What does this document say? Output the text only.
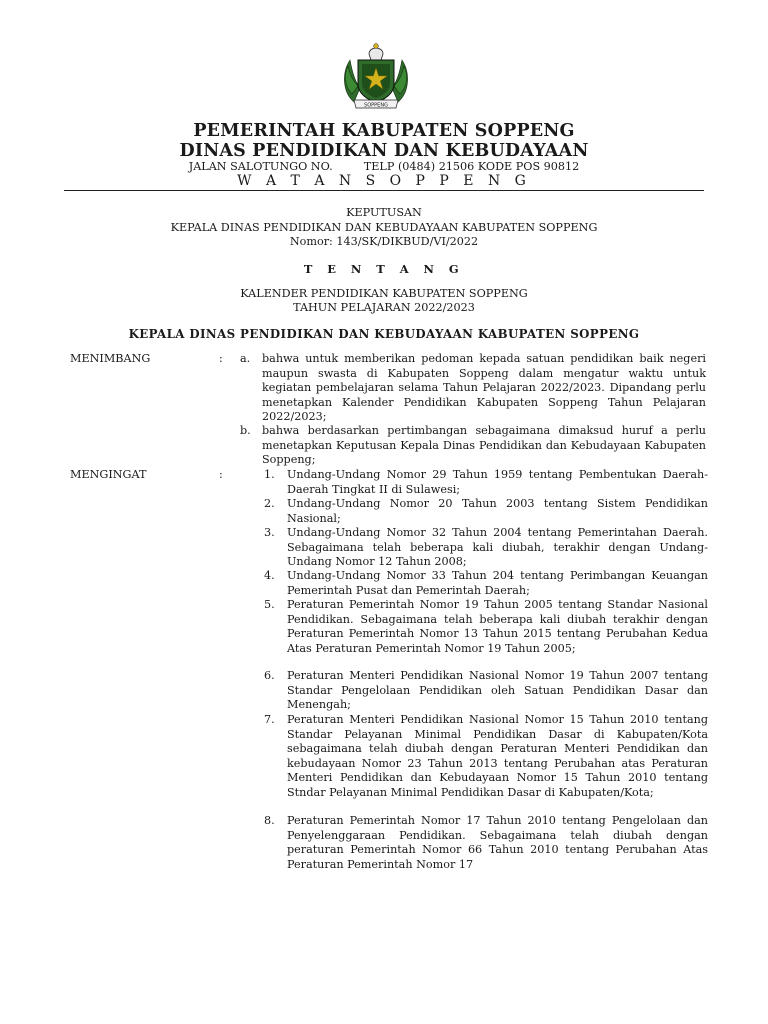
SOPPENG
PEMERINTAH KABUPATEN SOPPENG
DINAS PENDIDIKAN DAN KEBUDAYAAN
JALAN SALOTUNGO NO.	TELP (0484) 21506 KODE POS 90812
W A T A N S O P P E N G
KEPUTUSAN
KEPALA DINAS PENDIDIKAN DAN KEBUDAYAAN KABUPATEN SOPPENG
Nomor: 143/SK/DIKBUD/VI/2022
T E N T A N G
KALENDER PENDIDIKAN KABUPATEN SOPPENG
TAHUN PELAJARAN 2022/2023
KEPALA DINAS PENDIDIKAN DAN KEBUDAYAAN KABUPATEN SOPPENG
MENIMBANG	: a. bahwa untuk memberikan pedoman kepada satuan pendidikan baik negeri maupun swasta di Kabupaten Soppeng dalam mengatur waktu untuk kegiatan pembelajaran selama Tahun Pelajaran 2022/2023. Dipandang perlu menetapkan Kalender Pendidikan Kabupaten Soppeng Tahun Pelajaran 2022/2023;
b. bahwa berdasarkan pertimbangan sebagaimana dimaksud huruf a perlu menetapkan Keputusan Kepala Dinas Pendidikan dan Kebudayaan Kabupaten Soppeng;
MENGINGAT	:	1. Undang-Undang Nomor 29 Tahun 1959 tentang Pembentukan Daerah-Daerah Tingkat II di Sulawesi;
2. Undang-Undang Nomor 20 Tahun 2003 tentang Sistem Pendidikan Nasional;
3. Undang-Undang Nomor 32 Tahun 2004 tentang Pemerintahan Daerah. Sebagaimana telah beberapa kali diubah, terakhir dengan Undang-Undang Nomor 12 Tahun 2008;
4. Undang-Undang Nomor 33 Tahun 204 tentang Perimbangan Keuangan Pemerintah Pusat dan Pemerintah Daerah;
5. Peraturan Pemerintah Nomor 19 Tahun 2005 tentang Standar Nasional Pendidikan. Sebagaimana telah beberapa kali diubah terakhir dengan Peraturan Pemerintah Nomor 13 Tahun 2015 tentang Perubahan Kedua Atas Peraturan Pemerintah Nomor 19 Tahun 2005;
6. Peraturan Menteri Pendidikan Nasional Nomor 19 Tahun 2007 tentang Standar Pengelolaan Pendidikan oleh Satuan Pendidikan Dasar dan Menengah;
7. Peraturan Menteri Pendidikan Nasional Nomor 15 Tahun 2010 tentang Standar Pelayanan Minimal Pendidikan Dasar di Kabupaten/Kota sebagaimana telah diubah dengan Peraturan Menteri Pendidikan dan kebudayaan Nomor 23 Tahun 2013 tentang Perubahan atas Peraturan Menteri Pendidikan dan Kebudayaan Nomor 15 Tahun 2010 tentang Stndar Pelayanan Minimal Pendidikan Dasar di Kabupaten/Kota;
8. Peraturan Pemerintah Nomor 17 Tahun 2010 tentang Pengelolaan dan Penyelenggaraan Pendidikan. Sebagaimana telah diubah dengan peraturan Pemerintah Nomor 66 Tahun 2010 tentang Perubahan Atas Peraturan Pemerintah Nomor 17
